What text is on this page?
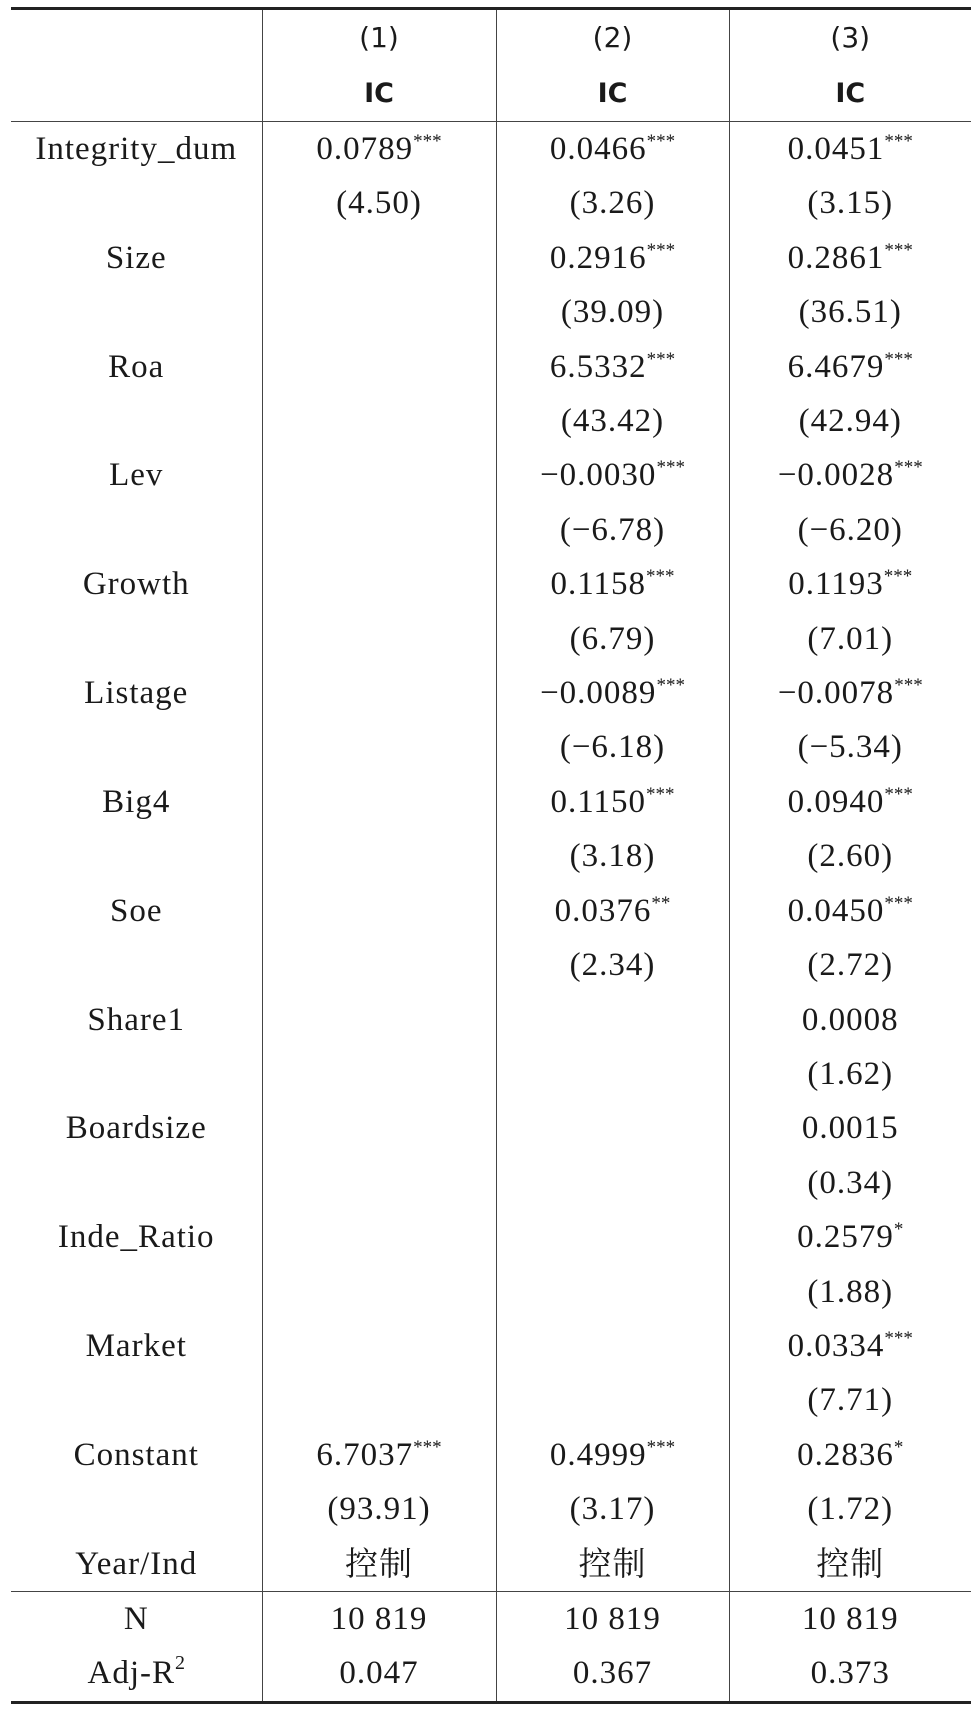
	(1)	(2)	(3)
	IC	IC	IC
Integrity_dum	0.0789***	0.0466***	0.0451***
	(4.50)	(3.26)	(3.15)
Size		0.2916***	0.2861***
		(39.09)	(36.51)
Roa		6.5332***	6.4679***
		(43.42)	(42.94)
Lev		−0.0030***	−0.0028***
		(−6.78)	(−6.20)
Growth		0.1158***	0.1193***
		(6.79)	(7.01)
Listage		−0.0089***	−0.0078***
		(−6.18)	(−5.34)
Big4		0.1150***	0.0940***
		(3.18)	(2.60)
Soe		0.0376**	0.0450***
		(2.34)	(2.72)
Share1			0.0008
			(1.62)
Boardsize			0.0015
			(0.34)
Inde_Ratio			0.2579*
			(1.88)
Market			0.0334***
			(7.71)
Constant	6.7037***	0.4999***	0.2836*
	(93.91)	(3.17)	(1.72)
Year/Ind	控制	控制	控制
N	10 819	10 819	10 819
Adj-$R^2$	0.047	0.367	0.373
